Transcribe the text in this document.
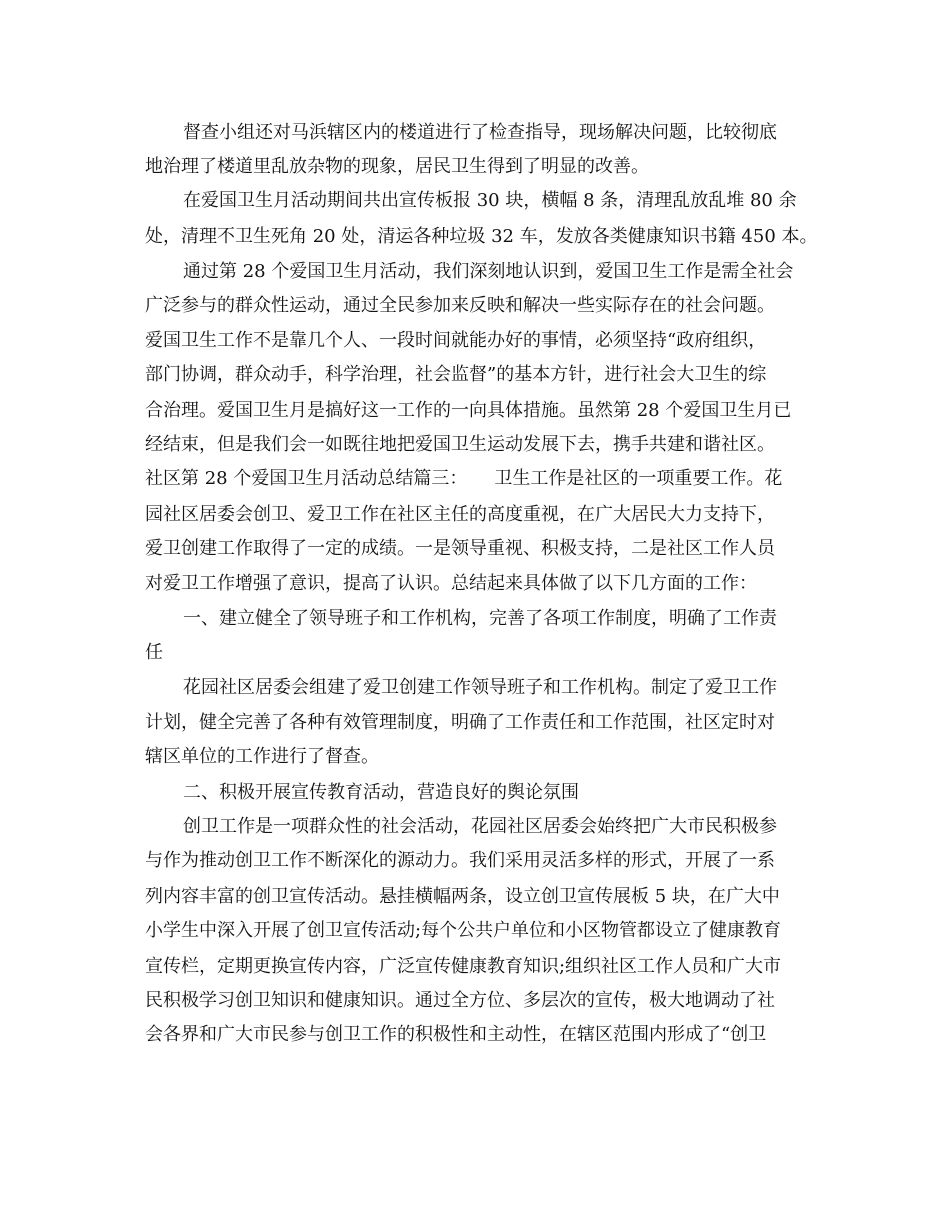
督查小组还对马浜辖区内的楼道进行了检查指导，现场解决问题，比较彻底
地治理了楼道里乱放杂物的现象，居民卫生得到了明显的改善。
在爱国卫生月活动期间共出宣传板报 30 块，横幅 8 条，清理乱放乱堆 80 余
处，清理不卫生死角 20 处，清运各种垃圾 32 车，发放各类健康知识书籍 450 本。
通过第 28 个爱国卫生月活动，我们深刻地认识到，爱国卫生工作是需全社会
广泛参与的群众性运动，通过全民参加来反映和解决一些实际存在的社会问题。
爱国卫生工作不是靠几个人、一段时间就能办好的事情，必须坚持“政府组织，
部门协调，群众动手，科学治理，社会监督”的基本方针，进行社会大卫生的综
合治理。爱国卫生月是搞好这一工作的一向具体措施。虽然第 28 个爱国卫生月已
经结束，但是我们会一如既往地把爱国卫生运动发展下去，携手共建和谐社区。
社区第 28 个爱国卫生月活动总结篇三：　　卫生工作是社区的一项重要工作。花
园社区居委会创卫、爱卫工作在社区主任的高度重视，在广大居民大力支持下，
爱卫创建工作取得了一定的成绩。一是领导重视、积极支持，二是社区工作人员
对爱卫工作增强了意识，提高了认识。总结起来具体做了以下几方面的工作：
一、建立健全了领导班子和工作机构，完善了各项工作制度，明确了工作责
任
花园社区居委会组建了爱卫创建工作领导班子和工作机构。制定了爱卫工作
计划，健全完善了各种有效管理制度，明确了工作责任和工作范围，社区定时对
辖区单位的工作进行了督查。
二、积极开展宣传教育活动，营造良好的舆论氛围
创卫工作是一项群众性的社会活动，花园社区居委会始终把广大市民积极参
与作为推动创卫工作不断深化的源动力。我们采用灵活多样的形式，开展了一系
列内容丰富的创卫宣传活动。悬挂横幅两条，设立创卫宣传展板 5 块，在广大中
小学生中深入开展了创卫宣传活动;每个公共户单位和小区物管都设立了健康教育
宣传栏，定期更换宣传内容，广泛宣传健康教育知识;组织社区工作人员和广大市
民积极学习创卫知识和健康知识。通过全方位、多层次的宣传，极大地调动了社
会各界和广大市民参与创卫工作的积极性和主动性，在辖区范围内形成了“创卫
